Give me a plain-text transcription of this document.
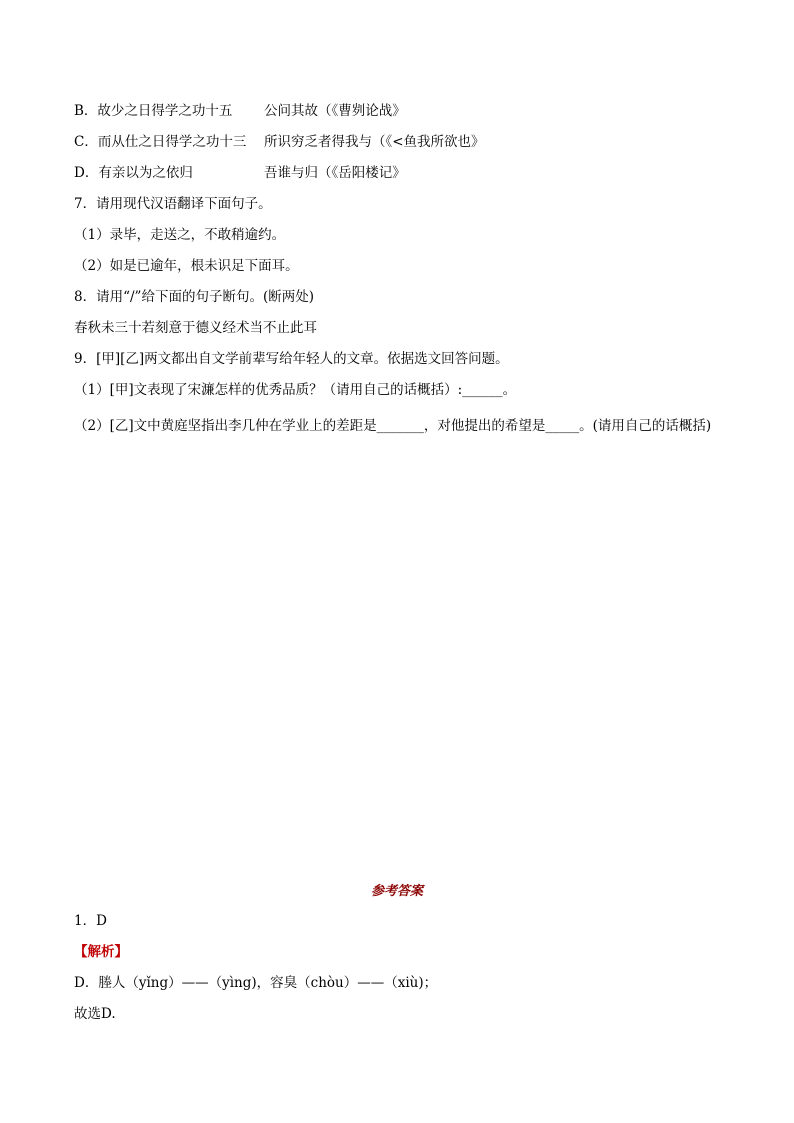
B．故少之日得学之功十五 公问其故（《曹刿论战》
C．而从仕之日得学之功十三 所识穷乏者得我与（《<鱼我所欲也》
D．有亲以为之依归	吾谁与归（《岳阳楼记》
7．请用现代汉语翻译下面句子。
（1）录毕，走送之，不敢稍逾约。
（2）如是已逾年，根未识足下面耳。
8．请用“/”给下面的句子断句。(断两处)
春秋未三十若刻意于德义经术当不止此耳
9．[甲][乙]两文都出自文学前辈写给年轻人的文章。依据选文回答问题。
（1）[甲]文表现了宋濂怎样的优秀品质？（请用自己的话概括）:______。
（2）[乙]文中黄庭坚指出李几仲在学业上的差距是_______，对他提出的希望是_____。(请用自己的话概括)
参考答案
1．D
【解析】
D．塍人（yǐng）——（yìng)，容臭（chòu）——（xiù)；
故选D.
